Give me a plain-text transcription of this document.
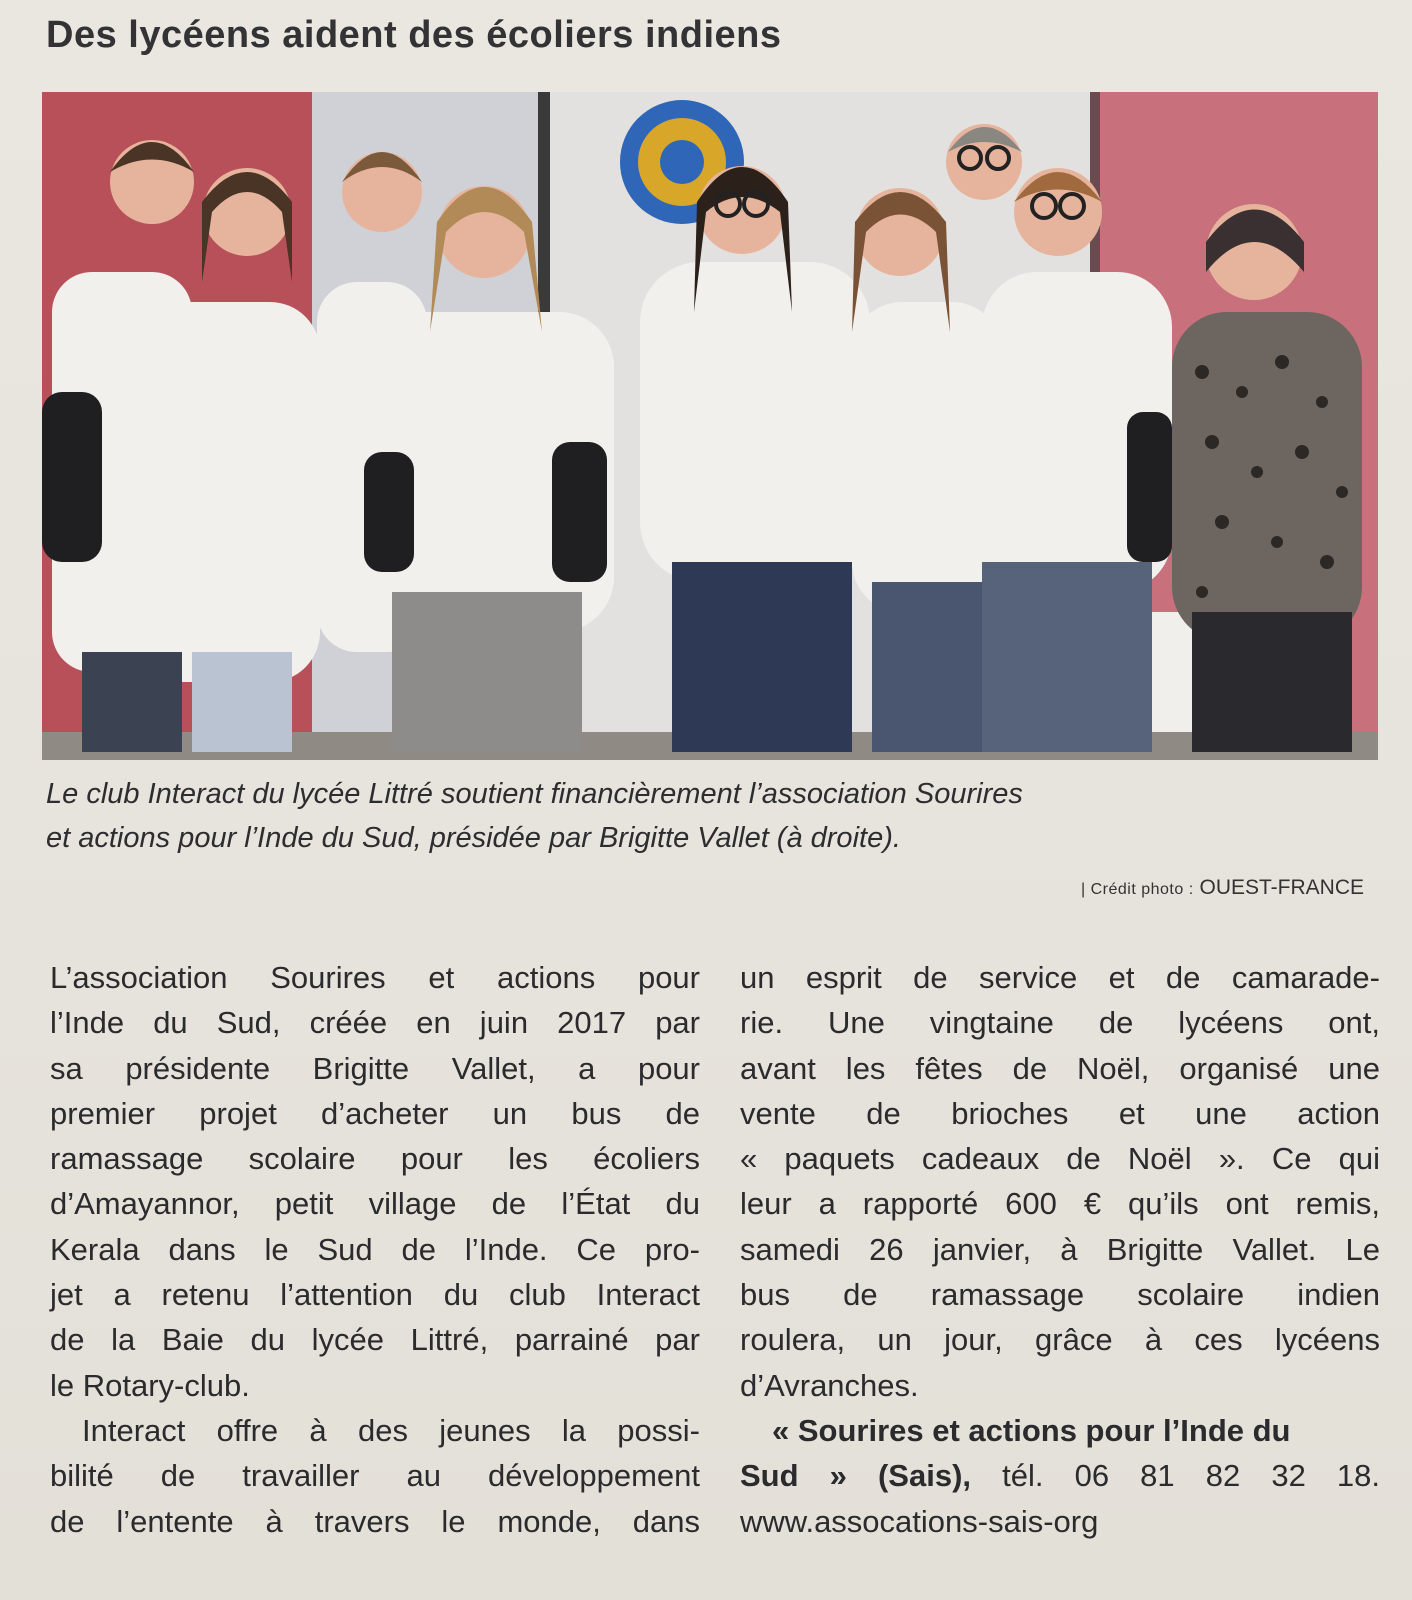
Des lycéens aident des écoliers indiens
Le club Interact du lycée Littré soutient financièrement l’association Sourires
et actions pour l’Inde du Sud, présidée par Brigitte Vallet (à droite).
| Crédit photo : OUEST-FRANCE
L’association Sourires et actions pour
l’Inde du Sud, créée en juin 2017 par
sa présidente Brigitte Vallet, a pour
premier projet d’acheter un bus de
ramassage scolaire pour les écoliers
d’Amayannor, petit village de l’État du
Kerala dans le Sud de l’Inde. Ce pro-
jet a retenu l’attention du club Interact
de la Baie du lycée Littré, parrainé par
le Rotary-club.
Interact offre à des jeunes la possi-
bilité de travailler au développement
de l’entente à travers le monde, dans
un esprit de service et de camarade-
rie. Une vingtaine de lycéens ont,
avant les fêtes de Noël, organisé une
vente de brioches et une action
« paquets cadeaux de Noël ». Ce qui
leur a rapporté 600 € qu’ils ont remis,
samedi 26 janvier, à Brigitte Vallet. Le
bus de ramassage scolaire indien
roulera, un jour, grâce à ces lycéens
d’Avranches.
« Sourires et actions pour l’Inde du
Sud » (Sais), tél. 06 81 82 32 18.
www.assocations-sais-org
